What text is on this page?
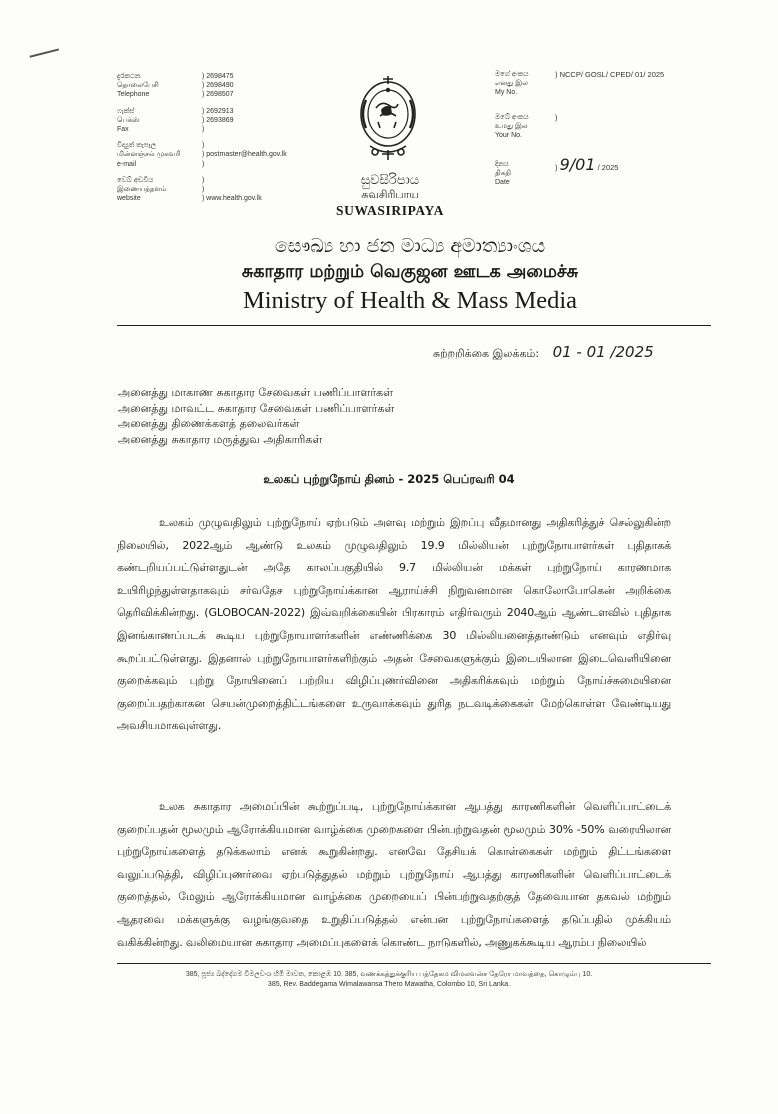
දුරකථන
தொலைபேசி
Telephone
) 2698475
) 2698490
) 2698507
ෆැක්ස්
பெக்ஸ்
Fax
) 2692913
) 2693869
)
විද්‍යුත් තැපෑල
மின்னஞ்சல் முகவரி
e-mail
)
) postmaster@health.gov.lk
)
වෙබ් අඩවිය
இணையத்தளம்
website
)
)
) www.health.gov.lk
සුවසිරිපාය
சுவசிரிபாய
SUWASIRIPAYA
මගේ අංකය
எனது இல
My No.
) NCCP/ GOSL/ CPED/ 01/ 2025
ඔබේ අංකය
உமது இல
Your No.
)
දිනය
திகதி
Date
) 9/01 / 2025
සෞඛ්‍ය හා ජන මාධ්‍ය අමාත්‍යාංශය
சுகாதார மற்றும் வெகுஜன ஊடக அமைச்சு
Ministry of Health & Mass Media
சுற்றறிக்கை இலக்கம்: 01 - 01 /2025
அனைத்து மாகாண சுகாதார சேவைகள் பணிப்பாளர்கள்
அனைத்து மாவட்ட சுகாதார சேவைகள் பணிப்பாளர்கள்
அனைத்து திணைக்களத் தலைவர்கள்
அனைத்து சுகாதார மருத்துவ அதிகாரிகள்
உலகப் புற்றுநோய் தினம் - 2025 பெப்ரவரி 04
உலகம் முழுவதிலும் புற்றுநோய் ஏற்படும் அளவு மற்றும் இறப்பு வீதமானது அதிகரித்துச் செல்லுகின்ற நிலையில், 2022ஆம் ஆண்டு உலகம் முழுவதிலும் 19.9 மில்லியன் புற்றுநோயாளர்கள் புதிதாகக் கண்டறியப்பட்டுள்ளதுடன் அதே காலப்பகுதியில் 9.7 மில்லியன் மக்கள் புற்றுநோய் காரணமாக உயிரிழந்துள்ளதாகவும் சர்வதேச புற்றுநோய்க்கான ஆராய்ச்சி நிறுவனமான கொலோபோகென் அறிக்கை தெரிவிக்கின்றது. (GLOBOCAN-2022) இவ்வறிக்கையின் பிரகாரம் எதிர்வரும் 2040ஆம் ஆண்டளவில் புதிதாக இனங்காணப்படக் கூடிய புற்றுநோயாளர்களின் எண்ணிக்கை 30 மில்லியனைத்தாண்டும் எனவும் எதிர்வு கூறப்பட்டுள்ளது. இதனால் புற்றுநோயாளர்களிற்கும் அதன் சேவைகளுக்கும் இடையிலான இடைவெளியினை குறைக்கவும் புற்று நோயினைப் பற்றிய விழிப்புணர்வினை அதிகரிக்கவும் மற்றும் நோய்ச்சுமையினை குறைப்பதற்காகன செயன்முறைத்திட்டங்களை உருவாக்கவும் துரித நடவடிக்கைகள் மேற்கொள்ள வேண்டியது அவசியமாகவுள்ளது.
உலக சுகாதார அமைப்பின் கூற்றுப்படி, புற்றுநோய்க்கான ஆபத்து காரணிகளின் வெளிப்பாட்டைக் குறைப்பதன் மூலமும் ஆரோக்கியமான வாழ்க்கை முறைகளை பின்பற்றுவதன் மூலமும் 30% -50% வரையிலான புற்றுநோய்களைத் தடுக்கலாம் எனக் கூறுகின்றது. எனவே தேசியக் கொள்கைகள் மற்றும் திட்டங்களை வலுப்படுத்தி, விழிப்புணர்வை ஏற்படுத்துதல் மற்றும் புற்றுநோய் ஆபத்து காரணிகளின் வெளிப்பாட்டைக் குறைத்தல், மேலும் ஆரோக்கியமான வாழ்க்கை முறையைப் பின்பற்றுவதற்குத் தேவையான தகவல் மற்றும் ஆதரவை மக்களுக்கு வழங்குவதை உறுதிப்படுத்தல் என்பன புற்றுநோய்களைத் தடுப்பதில் முக்கியம் வகிக்கின்றது. வலிமையான சுகாதார அமைப்புகளைக் கொண்ட நாடுகளில், அணுகக்கூடிய ஆரம்ப நிலையில்
385, පූජ්‍ය බද්දේගම විමලවංශ හිමි මාවත, කොළඹ 10. 385, வணக்கத்துக்குரிய பத்தேகம விமலவன்ச தேரோ மாவத்தை, கொழும்பு 10.
385, Rev. Baddegama Wimalawansa Thero Mawatha, Colombo 10, Sri Lanka.
